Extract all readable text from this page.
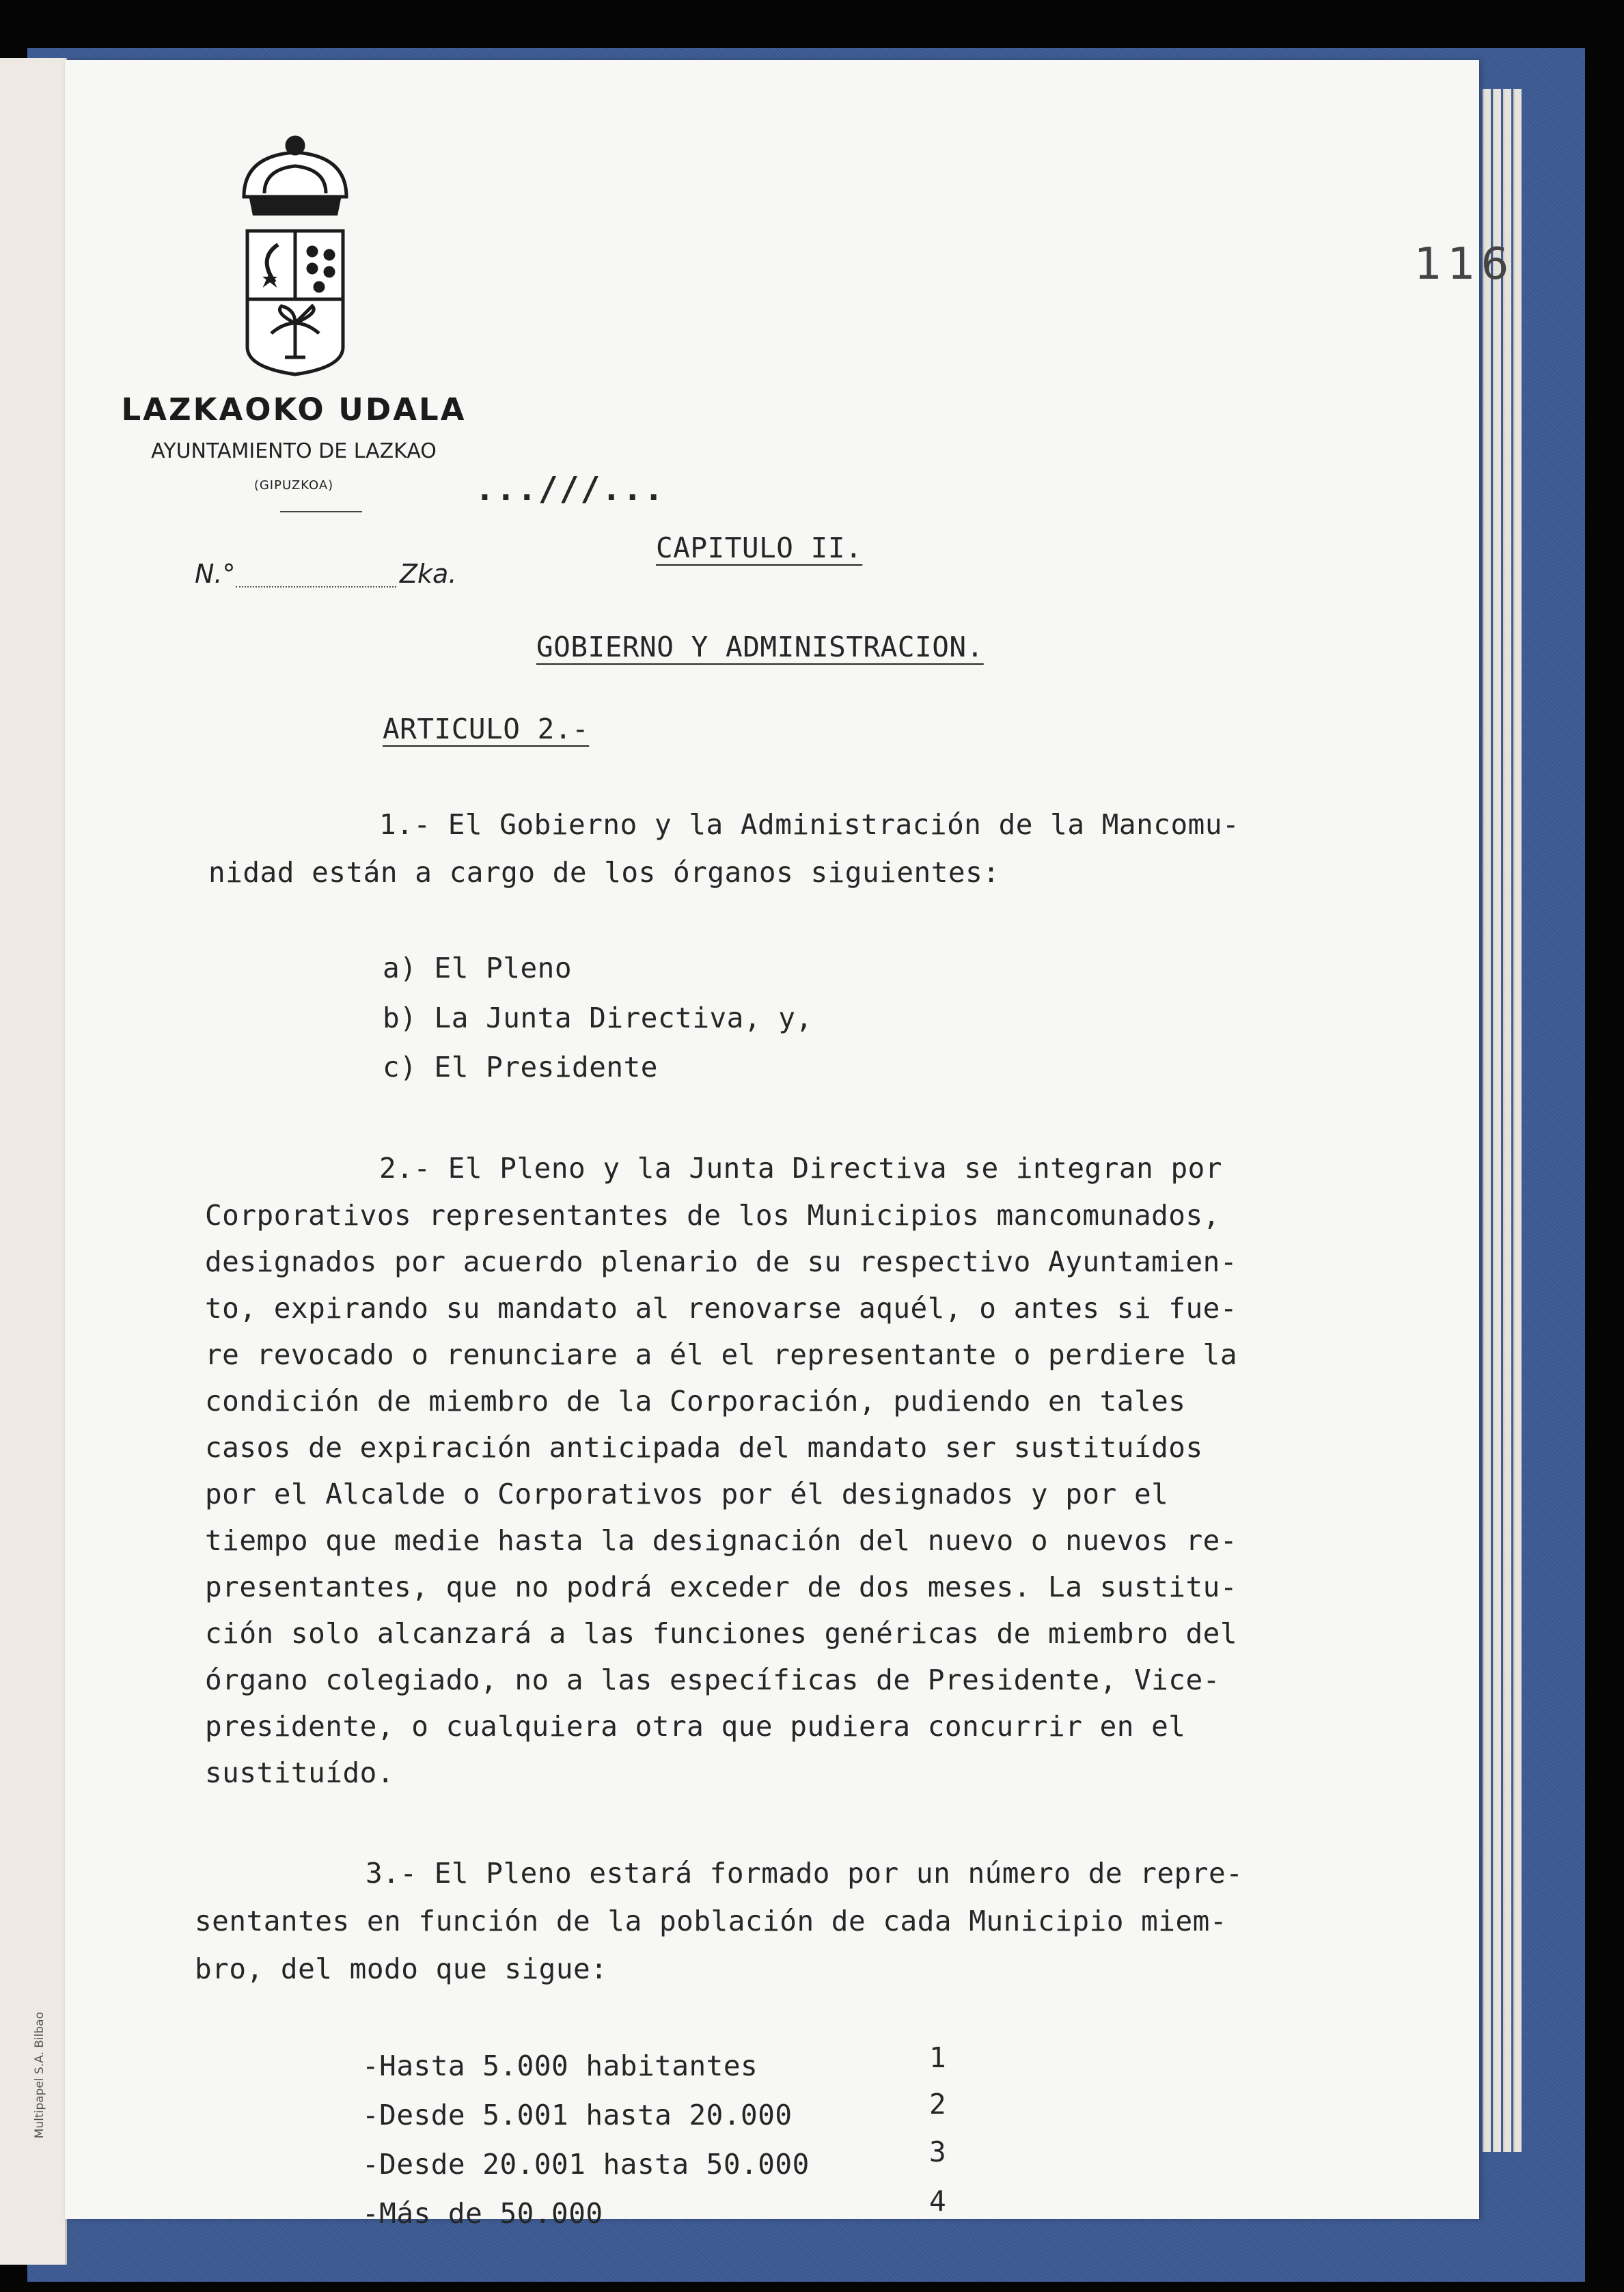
Multipapel S.A. Bilbao
LAZKAOKO UDALA
AYUNTAMIENTO DE LAZKAO
(GIPUZKOA)
N.°	Zka.
116
...///...
CAPITULO II.
GOBIERNO Y ADMINISTRACION.
ARTICULO 2.-
1.- El Gobierno y la Administración de la Mancomu-
nidad están a cargo de los órganos siguientes:
a) El Pleno
b) La Junta Directiva, y,
c) El Presidente
2.- El Pleno y la Junta Directiva se integran por
Corporativos representantes de los Municipios mancomunados,
designados por acuerdo plenario de su respectivo Ayuntamien-
to, expirando su mandato al renovarse aquél, o antes si fue-
re revocado o renunciare a él el representante o perdiere la
condición de miembro de la Corporación, pudiendo en tales
casos de expiración anticipada del mandato ser sustituídos
por el Alcalde o Corporativos por él designados y por el
tiempo que medie hasta la designación del nuevo o nuevos re-
presentantes, que no podrá exceder de dos meses. La sustitu-
ción solo alcanzará a las funciones genéricas de miembro del
órgano colegiado, no a las específicas de Presidente, Vice-
presidente, o cualquiera otra que pudiera concurrir en el
sustituído.
3.- El Pleno estará formado por un número de repre-
sentantes en función de la población de cada Municipio miem-
bro, del modo que sigue:
-Hasta 5.000 habitantes	1
-Desde 5.001 hasta 20.000	2
-Desde 20.001 hasta 50.000	3
-Más de 50.000	4
